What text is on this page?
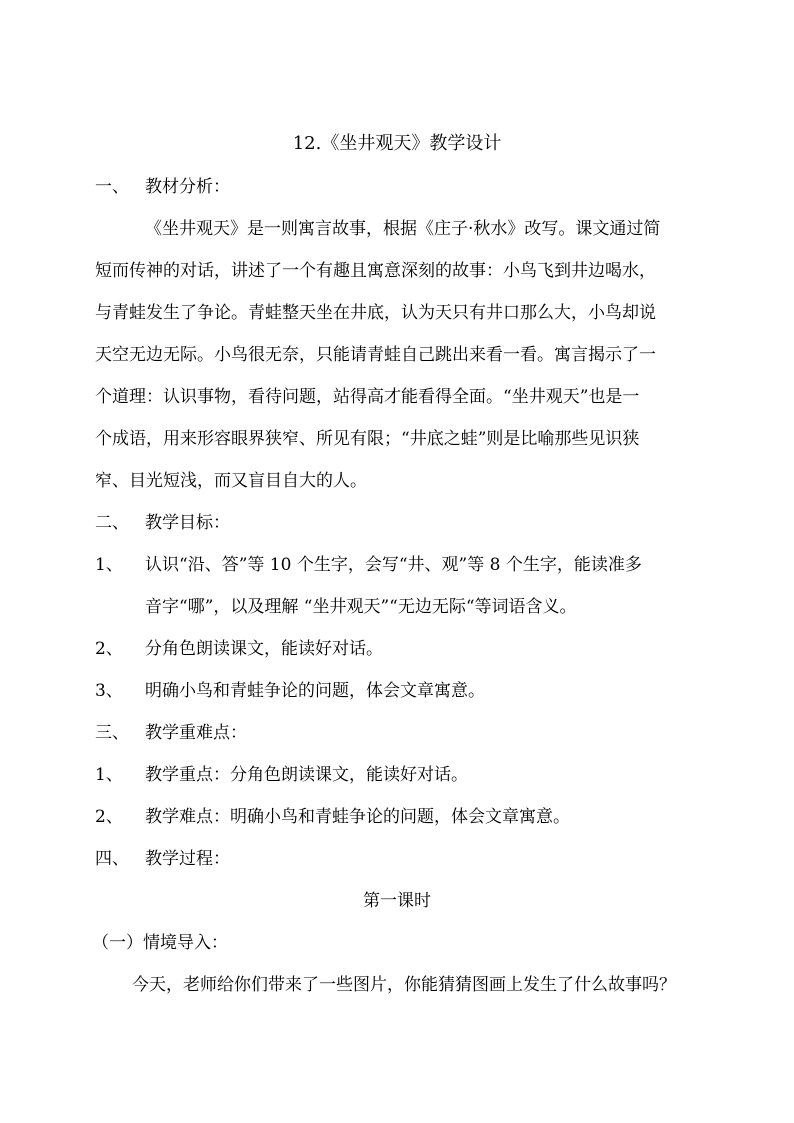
12.《坐井观天》教学设计
一、 教材分析：
《坐井观天》是一则寓言故事，根据《庄子·秋水》改写。课文通过简
短而传神的对话，讲述了一个有趣且寓意深刻的故事：小鸟飞到井边喝水，
与青蛙发生了争论。青蛙整天坐在井底，认为天只有井口那么大，小鸟却说
天空无边无际。小鸟很无奈，只能请青蛙自己跳出来看一看。寓言揭示了一
个道理：认识事物，看待问题，站得高才能看得全面。“坐井观天”也是一
个成语，用来形容眼界狭窄、所见有限；“井底之蛙”则是比喻那些见识狭
窄、目光短浅，而又盲目自大的人。
二、 教学目标：
1、 认识“沿、答”等 10 个生字，会写“井、观”等 8 个生字，能读准多
音字“哪”，以及理解 “坐井观天”“无边无际“等词语含义。
2、 分角色朗读课文，能读好对话。
3、 明确小鸟和青蛙争论的问题，体会文章寓意。
三、 教学重难点：
1、 教学重点：分角色朗读课文，能读好对话。
2、 教学难点：明确小鸟和青蛙争论的问题，体会文章寓意。
四、 教学过程：
第一课时
（一）情境导入：
今天，老师给你们带来了一些图片，你能猜猜图画上发生了什么故事吗？
